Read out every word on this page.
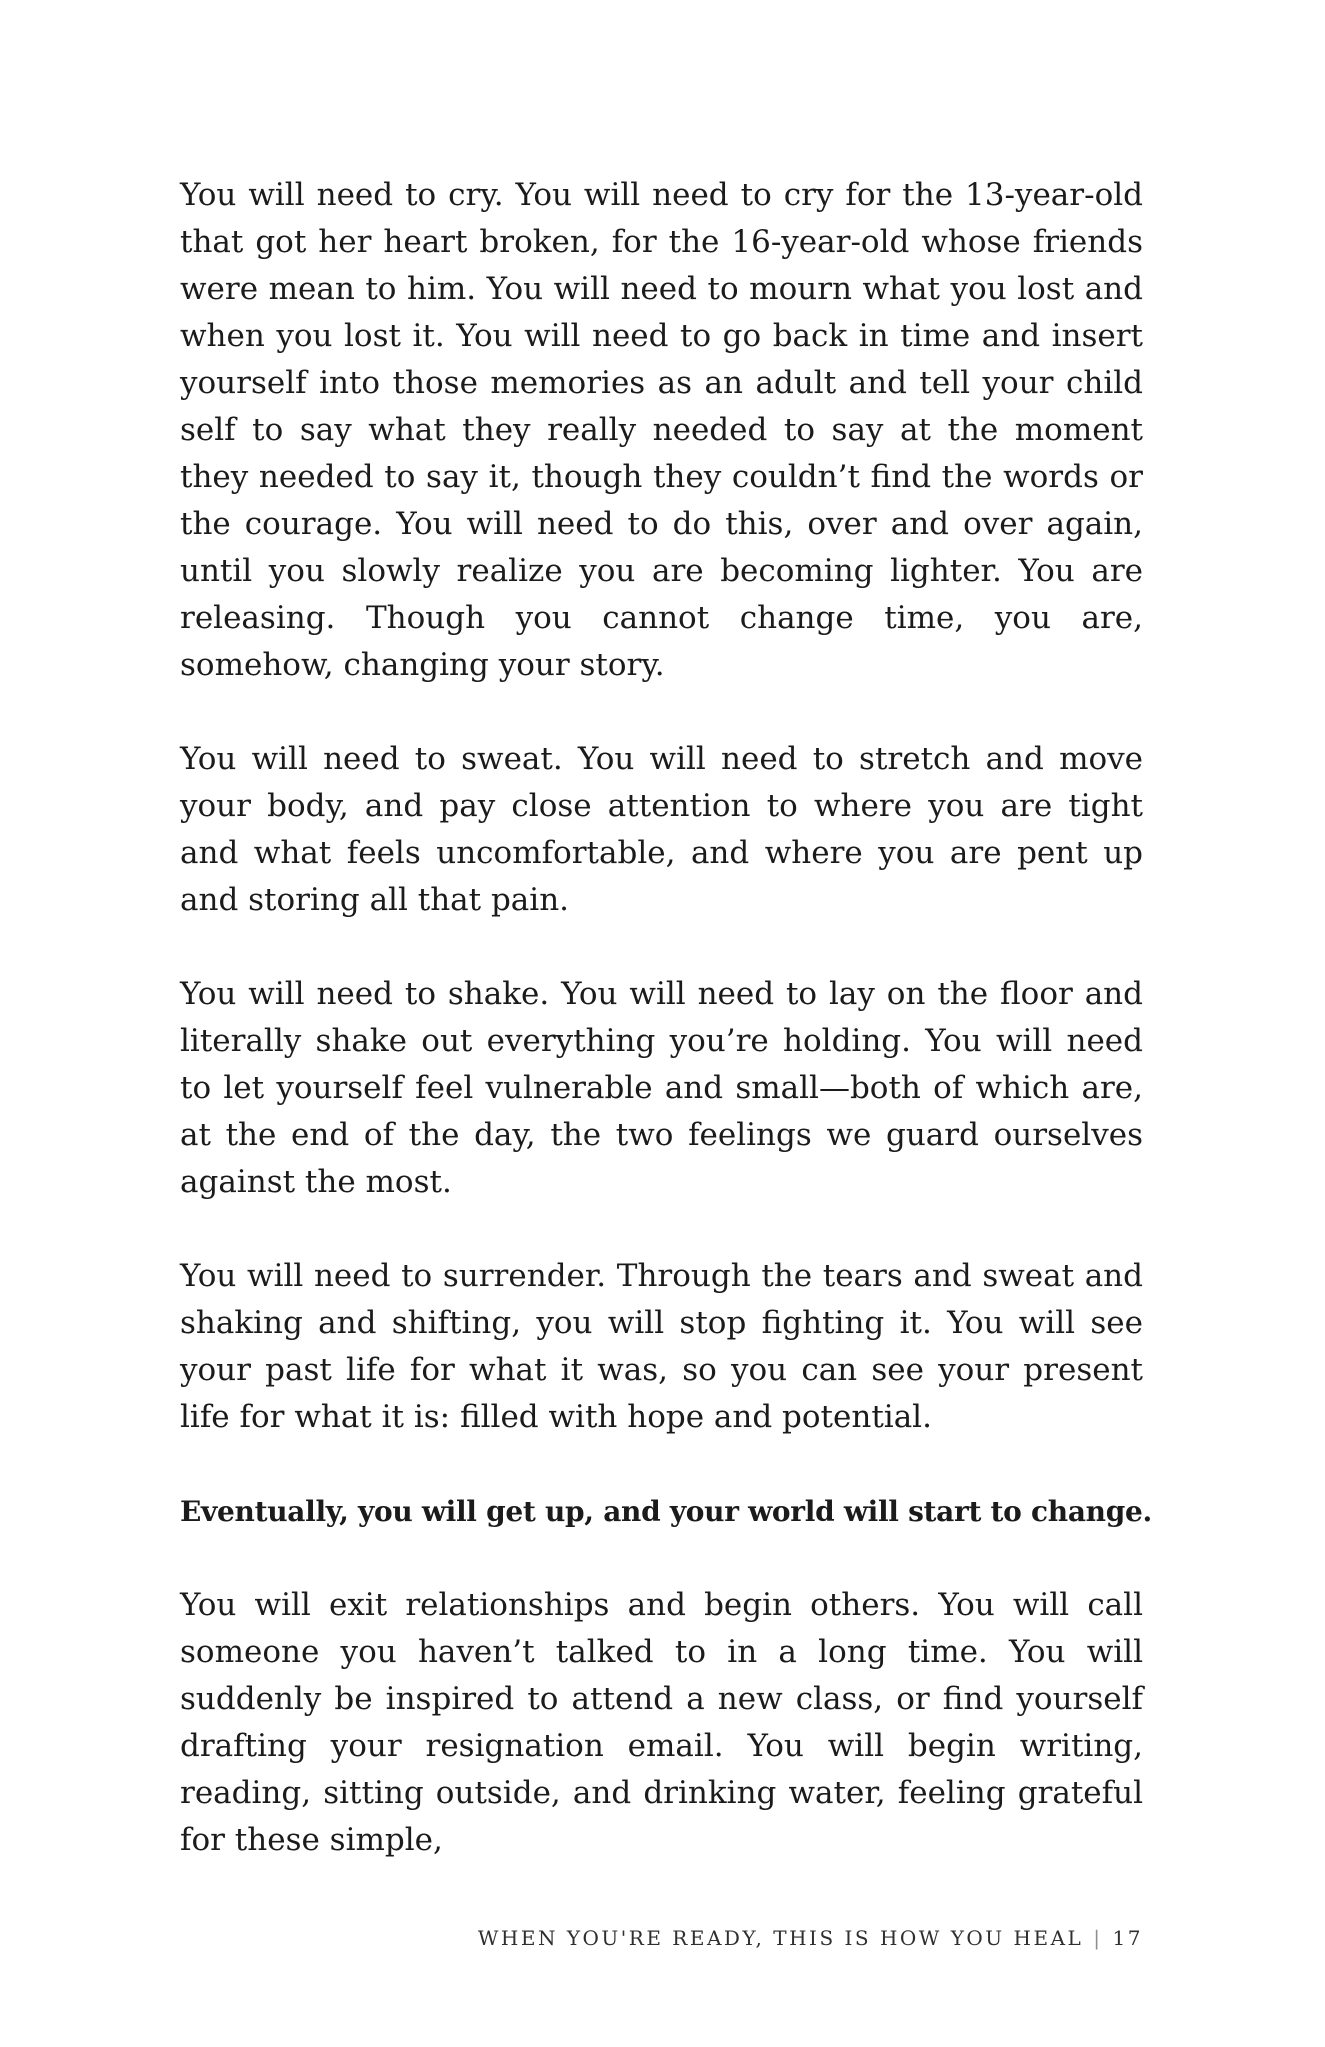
You will need to cry. You will need to cry for the 13-year-old that got her heart broken, for the 16-year-old whose friends were mean to him. You will need to mourn what you lost and when you lost it. You will need to go back in time and insert yourself into those memories as an adult and tell your child self to say what they really needed to say at the moment they needed to say it, though they couldn’t find the words or the courage. You will need to do this, over and over again, until you slowly realize you are becoming lighter. You are releasing. Though you cannot change time, you are, somehow, changing your story.

You will need to sweat. You will need to stretch and move your body, and pay close attention to where you are tight and what feels uncomfortable, and where you are pent up and storing all that pain.

You will need to shake. You will need to lay on the floor and literally shake out everything you’re holding. You will need to let yourself feel vulnerable and small—both of which are, at the end of the day, the two feelings we guard ourselves against the most.

You will need to surrender. Through the tears and sweat and shaking and shifting, you will stop fighting it. You will see your past life for what it was, so you can see your present life for what it is: filled with hope and potential.

Eventually, you will get up, and your world will start to change.

You will exit relationships and begin others. You will call someone you haven’t talked to in a long time. You will suddenly be inspired to attend a new class, or find yourself drafting your resignation email. You will begin writing, reading, sitting outside, and drinking water, feeling grateful for these simple,

WHEN YOU'RE READY, THIS IS HOW YOU HEAL | 17
